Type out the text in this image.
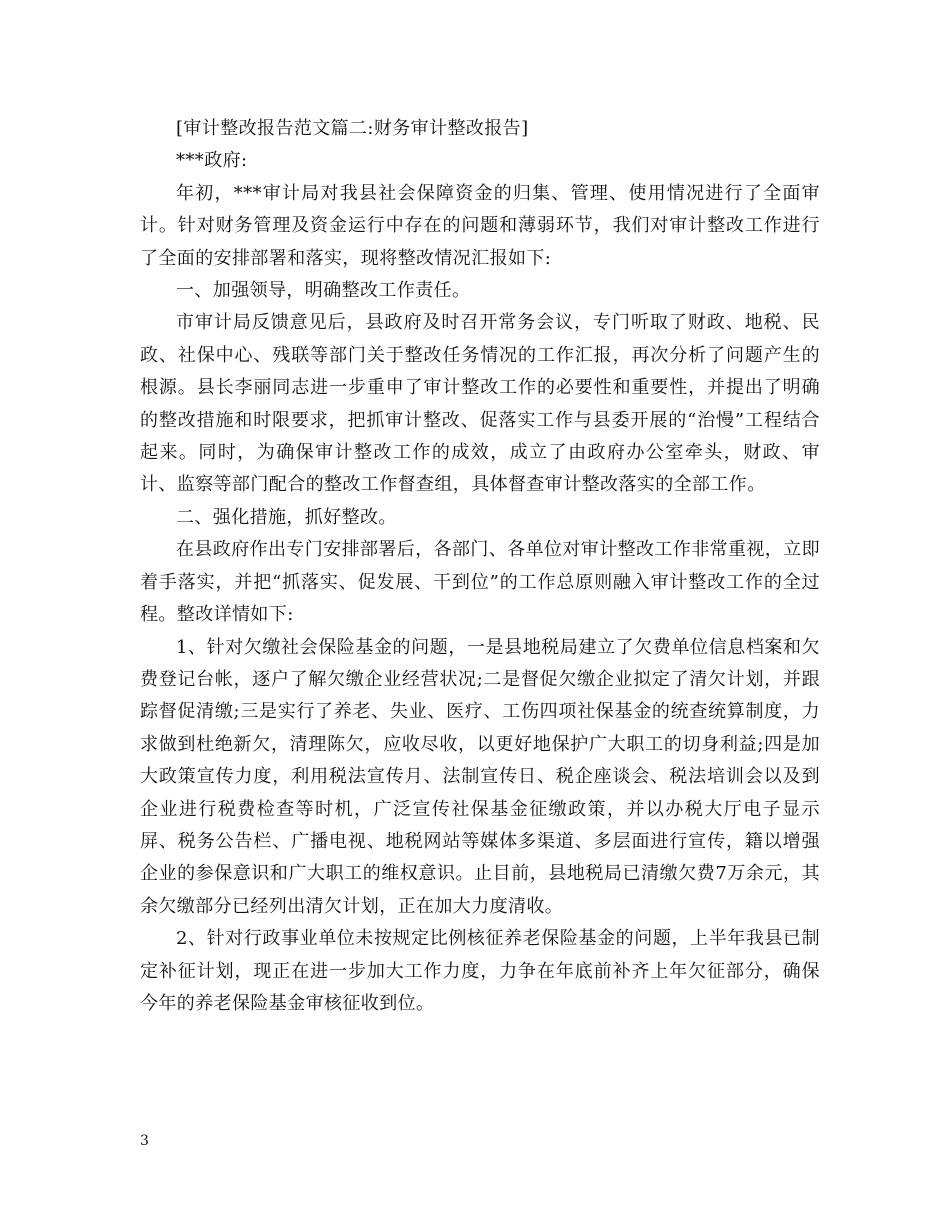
[审计整改报告范文篇二:财务审计整改报告]

***政府:

年初，***审计局对我县社会保障资金的归集、管理、使用情况进行了全面审计。针对财务管理及资金运行中存在的问题和薄弱环节，我们对审计整改工作进行了全面的安排部署和落实，现将整改情况汇报如下:

一、加强领导，明确整改工作责任。

市审计局反馈意见后，县政府及时召开常务会议，专门听取了财政、地税、民政、社保中心、残联等部门关于整改任务情况的工作汇报，再次分析了问题产生的根源。县长李丽同志进一步重申了审计整改工作的必要性和重要性，并提出了明确的整改措施和时限要求，把抓审计整改、促落实工作与县委开展的“治慢”工程结合起来。同时，为确保审计整改工作的成效，成立了由政府办公室牵头，财政、审计、监察等部门配合的整改工作督查组，具体督查审计整改落实的全部工作。

二、强化措施，抓好整改。

在县政府作出专门安排部署后，各部门、各单位对审计整改工作非常重视，立即着手落实，并把“抓落实、促发展、干到位”的工作总原则融入审计整改工作的全过程。整改详情如下:

1、针对欠缴社会保险基金的问题，一是县地税局建立了欠费单位信息档案和欠费登记台帐，逐户了解欠缴企业经营状况;二是督促欠缴企业拟定了清欠计划，并跟踪督促清缴;三是实行了养老、失业、医疗、工伤四项社保基金的统查统算制度，力求做到杜绝新欠，清理陈欠，应收尽收，以更好地保护广大职工的切身利益;四是加大政策宣传力度，利用税法宣传月、法制宣传日、税企座谈会、税法培训会以及到企业进行税费检查等时机，广泛宣传社保基金征缴政策，并以办税大厅电子显示屏、税务公告栏、广播电视、地税网站等媒体多渠道、多层面进行宣传，籍以增强企业的参保意识和广大职工的维权意识。止目前，县地税局已清缴欠费7万余元，其余欠缴部分已经列出清欠计划，正在加大力度清收。

2、针对行政事业单位未按规定比例核征养老保险基金的问题，上半年我县已制定补征计划，现正在进一步加大工作力度，力争在年底前补齐上年欠征部分，确保今年的养老保险基金审核征收到位。

3
